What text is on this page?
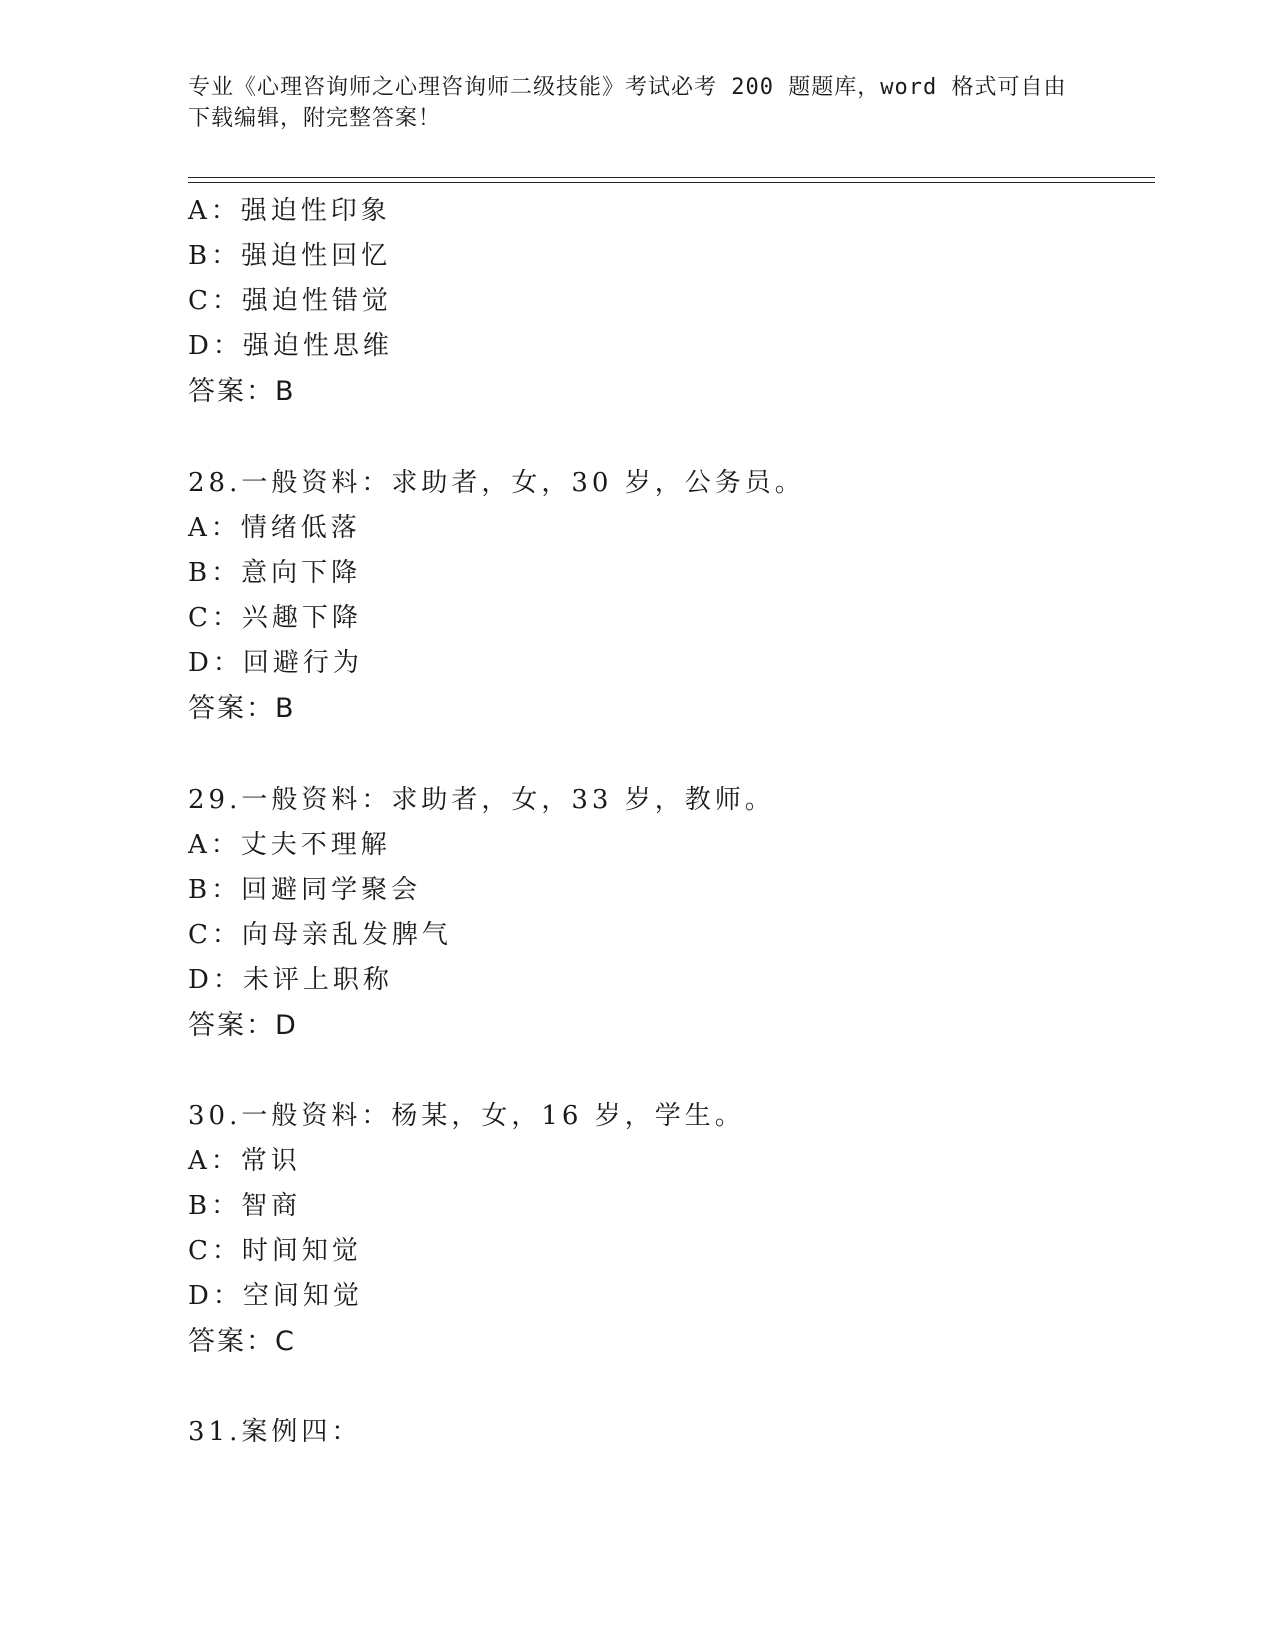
专业《心理咨询师之心理咨询师二级技能》考试必考 200 题题库，word 格式可自由下载编辑，附完整答案！
A：强迫性印象
B：强迫性回忆
C：强迫性错觉
D：强迫性思维
答案：B
28.一般资料：求助者，女，30 岁，公务员。
A：情绪低落
B：意向下降
C：兴趣下降
D：回避行为
答案：B
29.一般资料：求助者，女，33 岁，教师。
A：丈夫不理解
B：回避同学聚会
C：向母亲乱发脾气
D：未评上职称
答案：D
30.一般资料：杨某，女，16 岁，学生。
A：常识
B：智商
C：时间知觉
D：空间知觉
答案：C
31.案例四：
